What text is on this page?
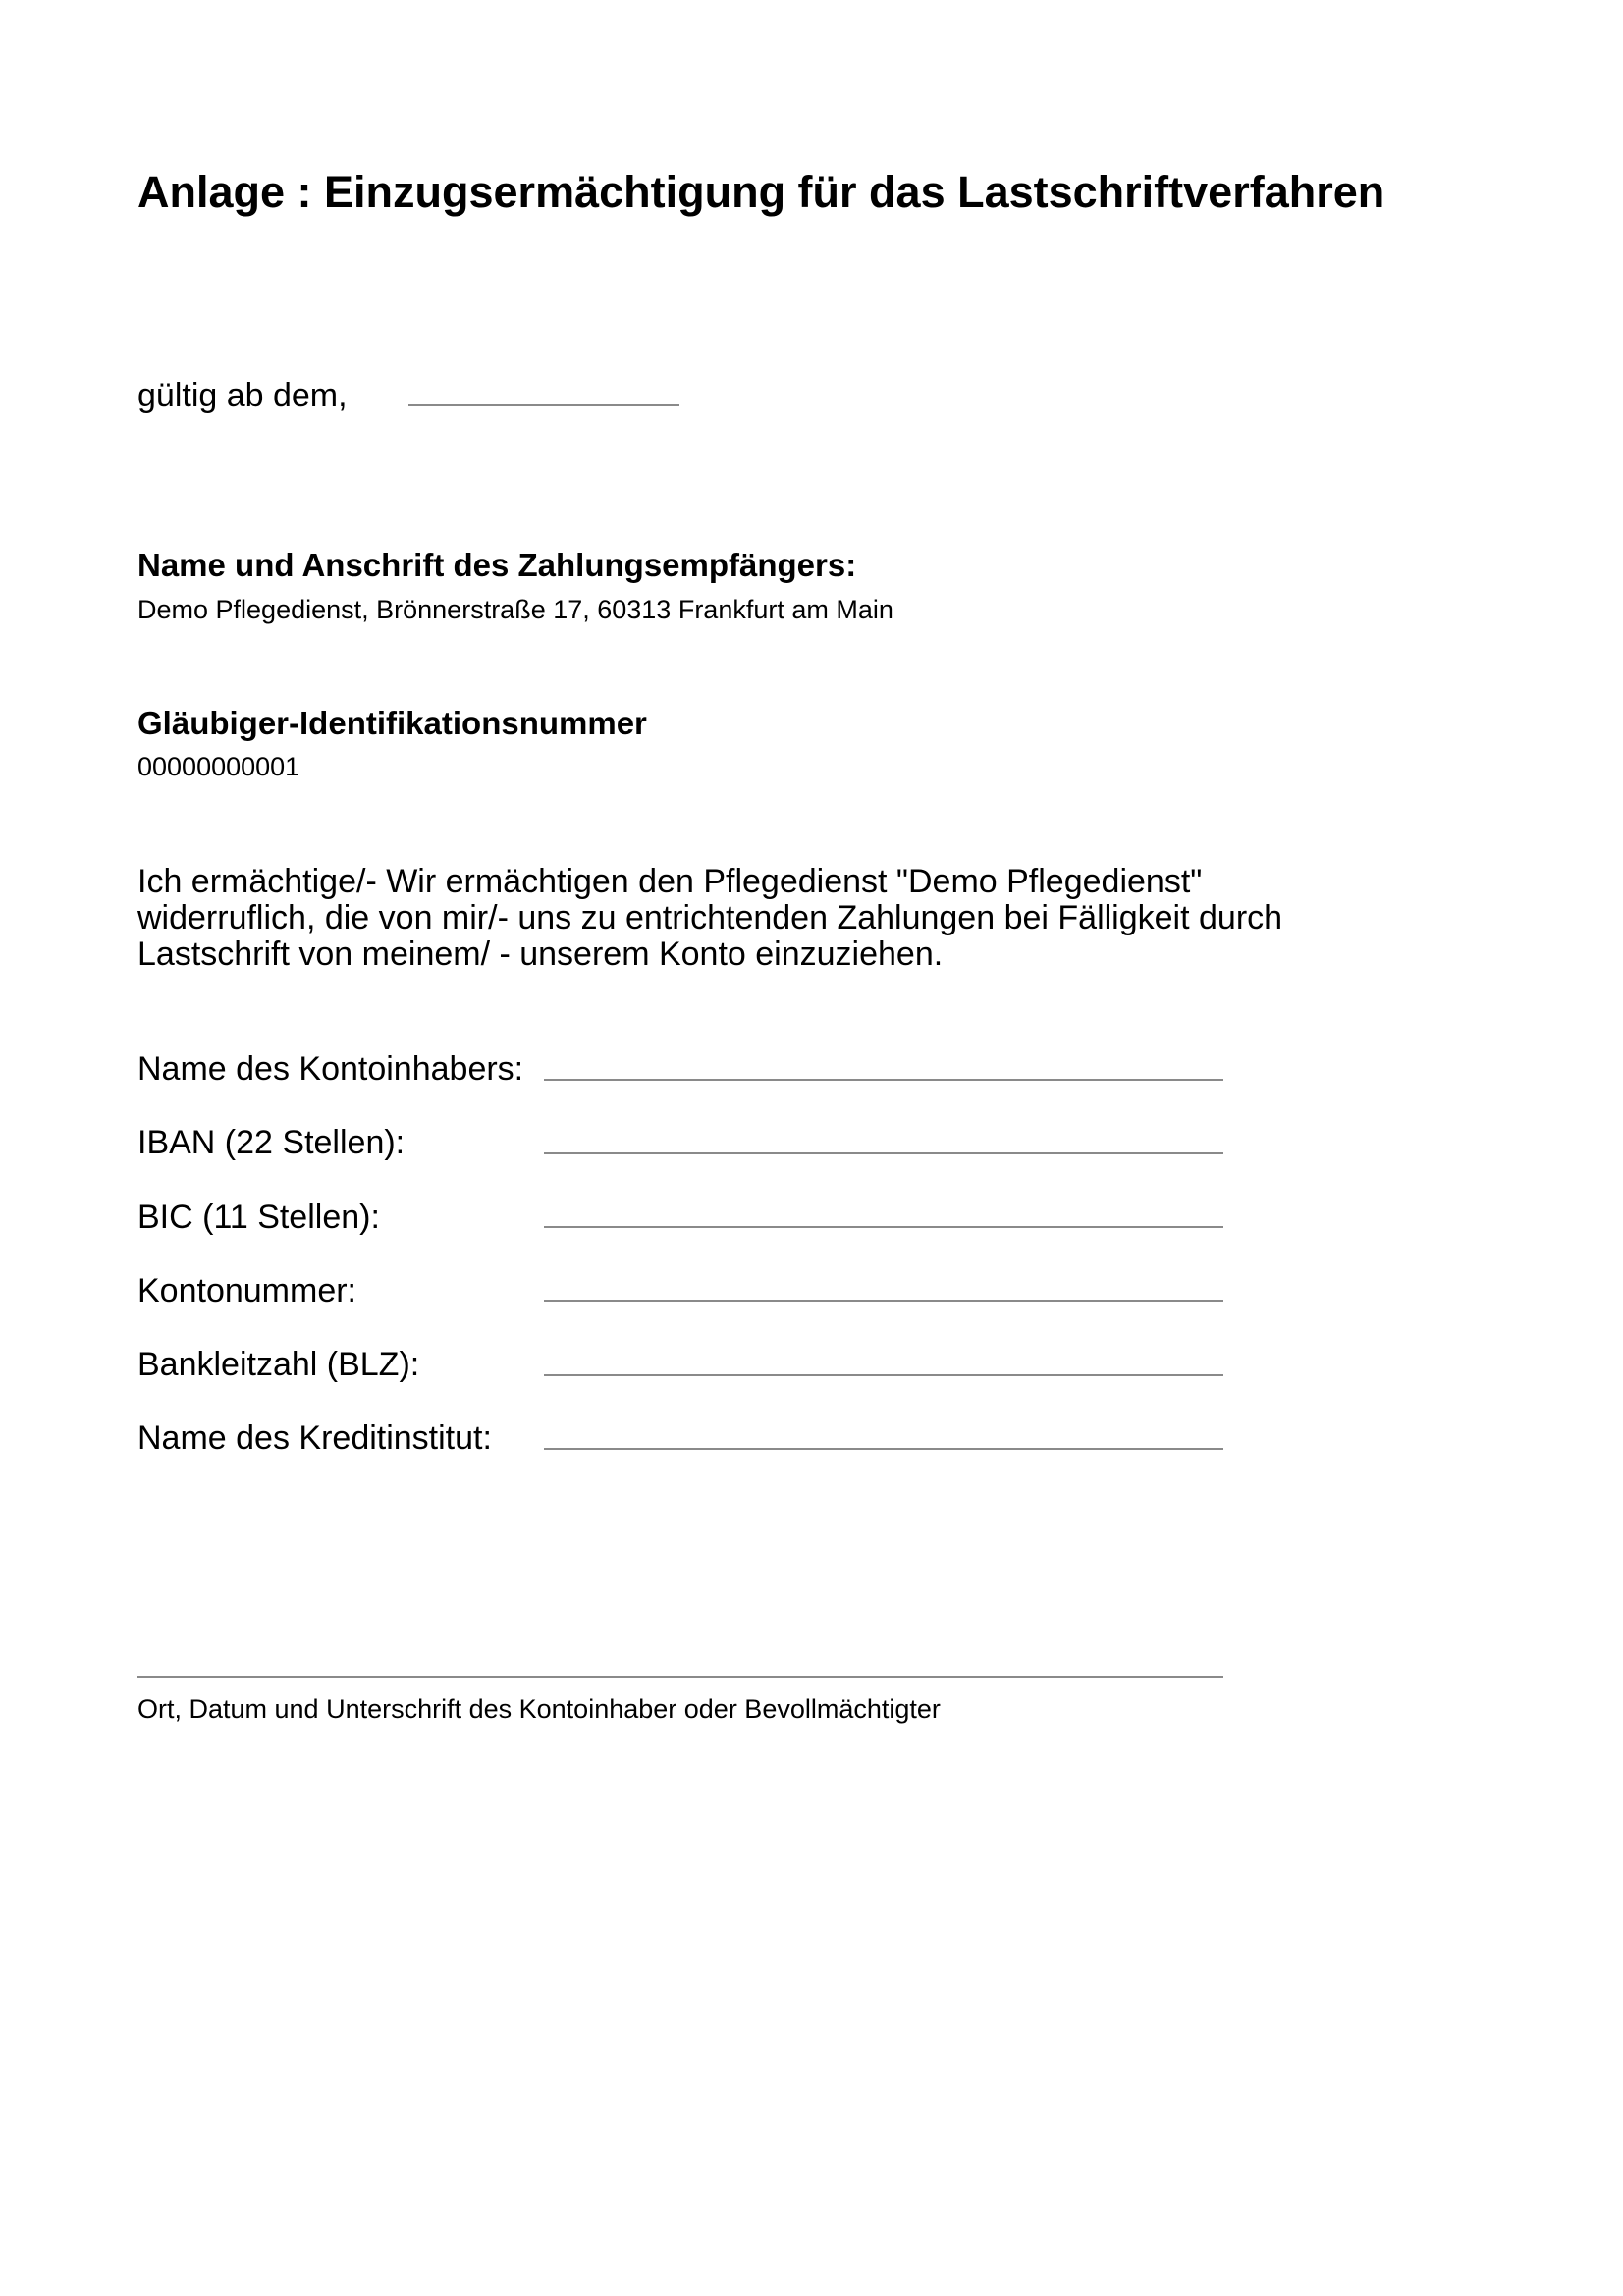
Anlage : Einzugsermächtigung für das Lastschriftverfahren
gültig ab dem,
Name und Anschrift des Zahlungsempfängers:
Demo Pflegedienst, Brönnerstraße 17, 60313 Frankfurt am Main
Gläubiger-Identifikationsnummer
00000000001
Ich ermächtige/- Wir ermächtigen den Pflegedienst "Demo Pflegedienst"
widerruflich, die von mir/- uns zu entrichtenden Zahlungen bei Fälligkeit durch
Lastschrift von meinem/ - unserem Konto einzuziehen.
Name des Kontoinhabers:
IBAN (22 Stellen):
BIC (11 Stellen):
Kontonummer:
Bankleitzahl (BLZ):
Name des Kreditinstitut:
Ort, Datum und Unterschrift des Kontoinhaber oder Bevollmächtigter
